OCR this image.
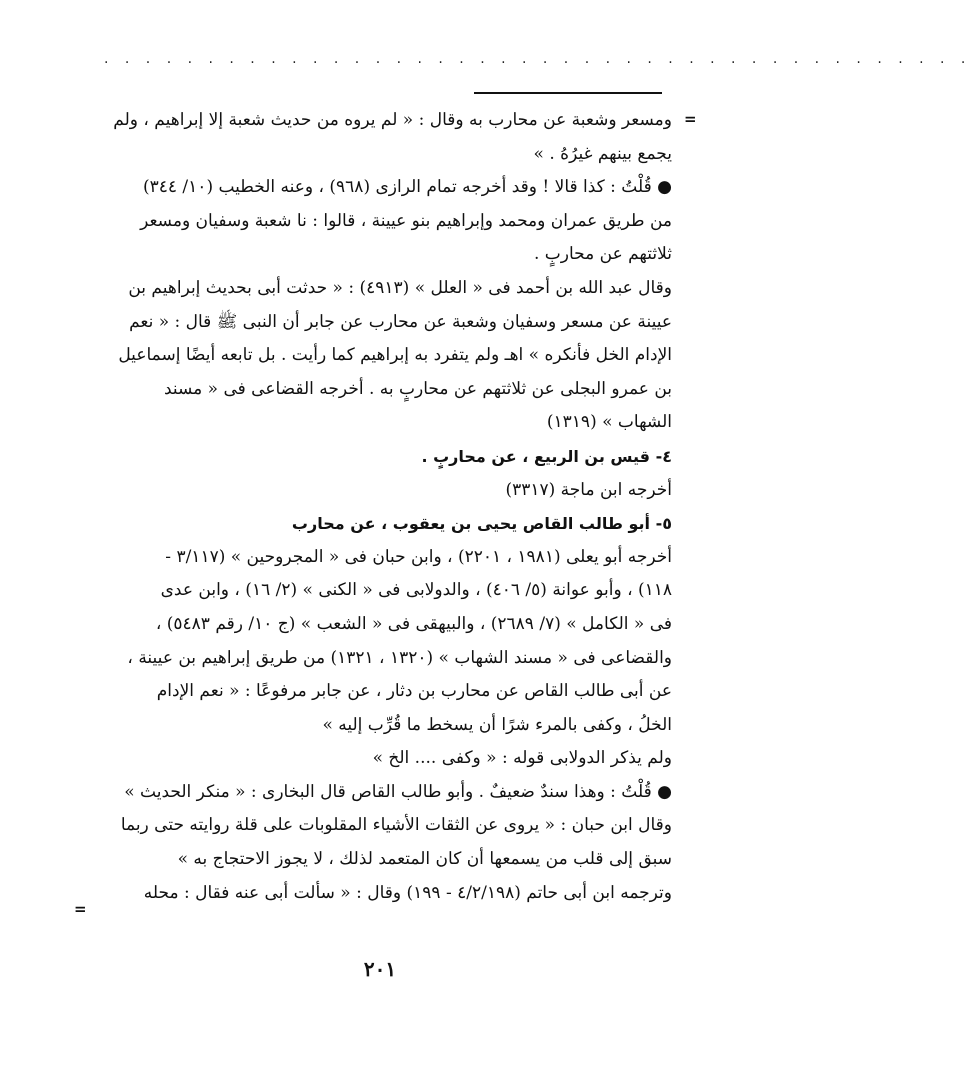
. . . . . . . . . . . . . . . . . . . . . . . . . . . . . . . . . . . . . . . . . .
=
=
ومسعر وشعبة عن محارب به وقال : « لم يروه من حديث شعبة إلا إبراهيم ، ولم
يجمع بينهم غيرُهُ . »
● قُلْتُ : كذا قالا ! وقد أخرجه تمام الرازى (٩٦٨) ، وعنه الخطيب (١٠/ ٣٤٤)
من طريق عمران ومحمد وإبراهيم بنو عيينة ، قالوا : نا شعبة وسفيان ومسعر
ثلاثتهم عن محاربٍ .
وقال عبد الله بن أحمد فى « العلل » (٤٩١٣) : « حدثت أبى بحديث إبراهيم بن
عيينة عن مسعر وسفيان وشعبة عن محارب عن جابر أن النبى ﷺ قال : « نعم
الإدام الخل فأنكره » اهـ ولم يتفرد به إبراهيم كما رأيت . بل تابعه أيضًا إسماعيل
بن عمرو البجلى عن ثلاثتهم عن محاربٍ به . أخرجه القضاعى فى « مسند
الشهاب » (١٣١٩)
٤- قيس بن الربيع ، عن محاربٍ .
أخرجه ابن ماجة (٣٣١٧)
٥- أبو طالب القاص يحيى بن يعقوب ، عن محارب
أخرجه أبو يعلى (١٩٨١ ، ٢٢٠١) ، وابن حبان فى « المجروحين » (٣/١١٧ -
١١٨) ، وأبو عوانة (٥/ ٤٠٦) ، والدولابى فى « الكنى » (٢/ ١٦) ، وابن عدى
فى « الكامل » (٧/ ٢٦٨٩) ، والبيهقى فى « الشعب » (ج ١٠/ رقم ٥٤٨٣) ،
والقضاعى فى « مسند الشهاب » (١٣٢٠ ، ١٣٢١) من طريق إبراهيم بن عيينة ،
عن أبى طالب القاص عن محارب بن دثار ، عن جابر مرفوعًا : « نعم الإدام
الخلُ ، وكفى بالمرء شرًا أن يسخط ما قُرِّب إليه »
ولم يذكر الدولابى قوله : « وكفى .... الخ »
● قُلْتُ : وهذا سندٌ ضعيفٌ . وأبو طالب القاص قال البخارى : « منكر الحديث »
وقال ابن حبان : « يروى عن الثقات الأشياء المقلوبات على قلة روايته حتى ربما
سبق إلى قلب من يسمعها أن كان المتعمد لذلك ، لا يجوز الاحتجاج به »
وترجمه ابن أبى حاتم (٤/٢/١٩٨ - ١٩٩) وقال : « سألت أبى عنه فقال : محله
٢٠١
